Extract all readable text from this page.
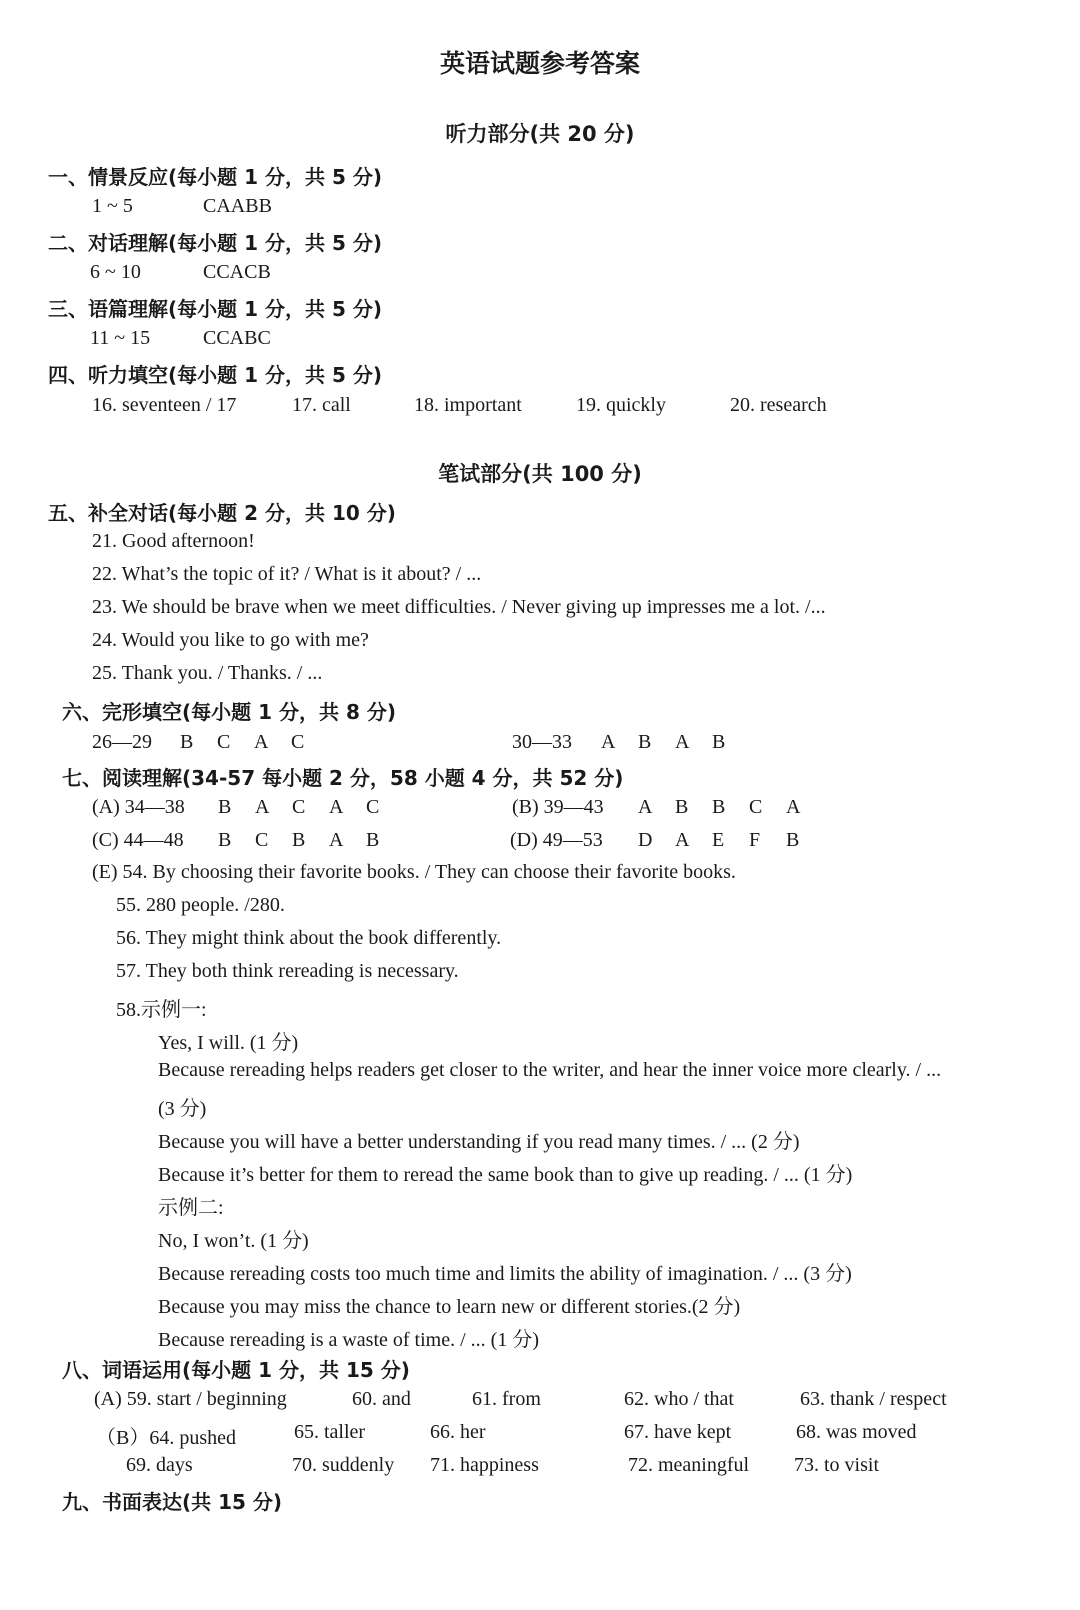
英语试题参考答案
听力部分(共 20 分)
一、情景反应(每小题 1 分，共 5 分)
1 ~ 5	CAABB
二、对话理解(每小题 1 分，共 5 分)
6 ~ 10	CCACB
三、语篇理解(每小题 1 分，共 5 分)
11 ~ 15	CCABC
四、听力填空(每小题 1 分，共 5 分)
16. seventeen / 17	17. call	18. important	19. quickly	20. research
笔试部分(共 100 分)
五、补全对话(每小题 2 分，共 10 分)
21. Good afternoon!
22. What’s the topic of it? / What is it about? / ...
23. We should be brave when we meet difficulties. / Never giving up impresses me a lot. /...
24. Would you like to go with me?
25. Thank you. / Thanks. / ...
六、完形填空(每小题 1 分，共 8 分)
26—29 B C A C	30—33 A B A B
七、阅读理解(34-57 每小题 2 分，58 小题 4 分，共 52 分)
(A) 34—38 B A C A C	(B) 39—43 A B B C A
(C) 44—48 B C B A B	(D) 49—53 D A E F B
(E) 54. By choosing their favorite books. / They can choose their favorite books.
55. 280 people. /280.
56. They might think about the book differently.
57. They both think rereading is necessary.
58.示例一:
Yes, I will. (1 分)
Because rereading helps readers get closer to the writer, and hear the inner voice more clearly. / ...
(3 分)
Because you will have a better understanding if you read many times. / ... (2 分)
Because it’s better for them to reread the same book than to give up reading. / ... (1 分)
示例二:
No, I won’t. (1 分)
Because rereading costs too much time and limits the ability of imagination. / ... (3 分)
Because you may miss the chance to learn new or different stories.(2 分)
Because rereading is a waste of time. / ... (1 分)
八、词语运用(每小题 1 分，共 15 分)
(A) 59. start / beginning	60. and	61. from	62. who / that	63. thank / respect
（B）64. pushed	65. taller	66. her	67. have kept	68. was moved
69. days	70. suddenly 71. happiness	72. meaningful 73. to visit
九、书面表达(共 15 分)
